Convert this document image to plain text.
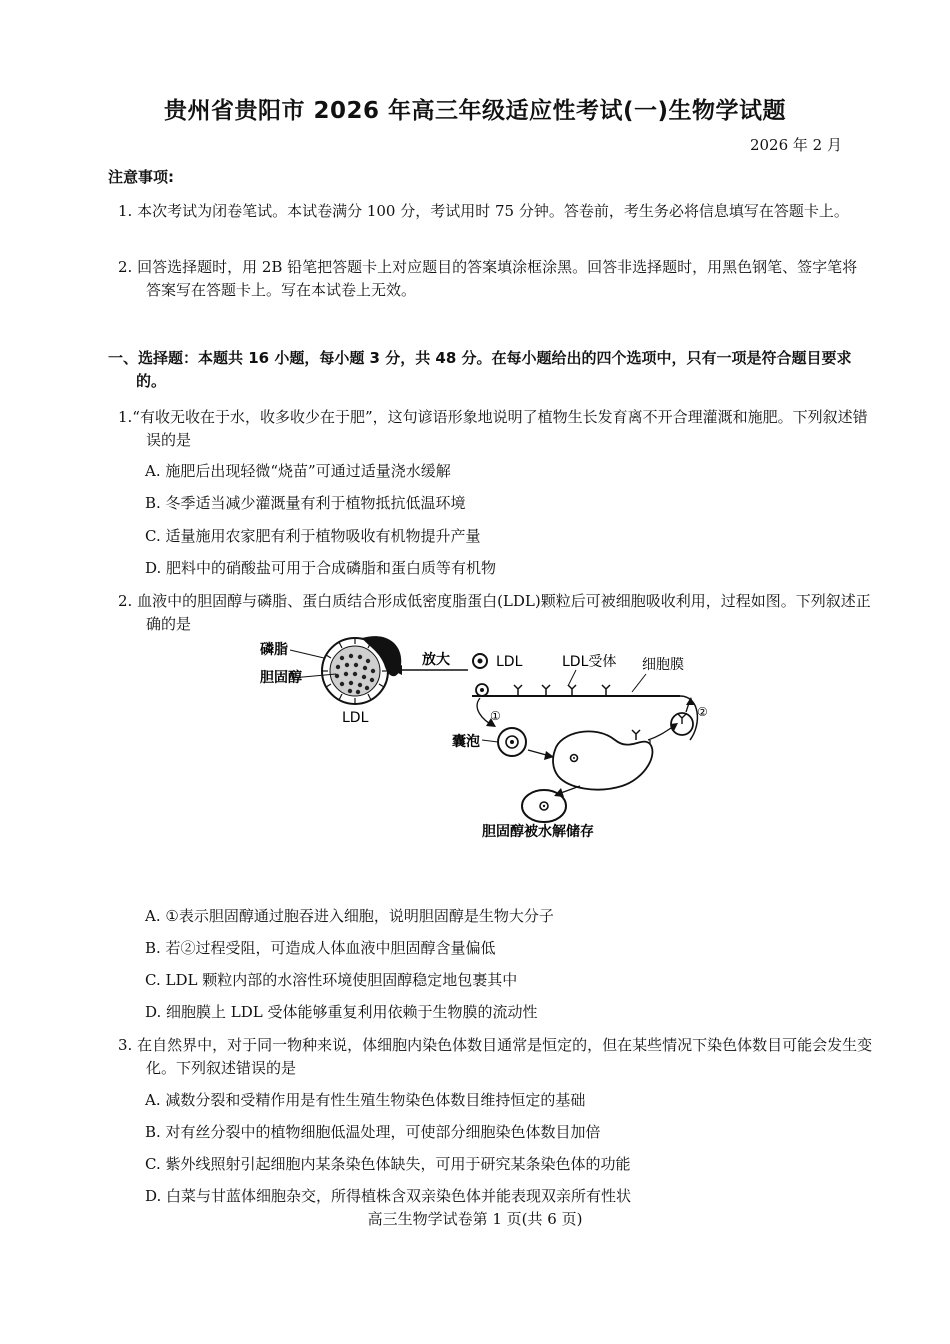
贵州省贵阳市 2026 年高三年级适应性考试(一)生物学试题
2026 年 2 月
注意事项:
1. 本次考试为闭卷笔试。本试卷满分 100 分，考试用时 75 分钟。答卷前，考生务必将信息填写在答题卡上。
2. 回答选择题时，用 2B 铅笔把答题卡上对应题目的答案填涂框涂黑。回答非选择题时，用黑色钢笔、签字笔将答案写在答题卡上。写在本试卷上无效。
一、选择题：本题共 16 小题，每小题 3 分，共 48 分。在每小题给出的四个选项中，只有一项是符合题目要求的。
1.“有收无收在于水，收多收少在于肥”，这句谚语形象地说明了植物生长发育离不开合理灌溉和施肥。下列叙述错误的是
A. 施肥后出现轻微“烧苗”可通过适量浇水缓解
B. 冬季适当减少灌溉量有利于植物抵抗低温环境
C. 适量施用农家肥有利于植物吸收有机物提升产量
D. 肥料中的硝酸盐可用于合成磷脂和蛋白质等有机物
2. 血液中的胆固醇与磷脂、蛋白质结合形成低密度脂蛋白(LDL)颗粒后可被细胞吸收利用，过程如图。下列叙述正确的是
磷脂
胆固醇
LDL
放大	LDL	LDL受体 细胞膜
①
囊泡
②
胆固醇被水解储存
A. ①表示胆固醇通过胞吞进入细胞，说明胆固醇是生物大分子
B. 若②过程受阻，可造成人体血液中胆固醇含量偏低
C. LDL 颗粒内部的水溶性环境使胆固醇稳定地包裹其中
D. 细胞膜上 LDL 受体能够重复利用依赖于生物膜的流动性
3. 在自然界中，对于同一物种来说，体细胞内染色体数目通常是恒定的，但在某些情况下染色体数目可能会发生变化。下列叙述错误的是
A. 减数分裂和受精作用是有性生殖生物染色体数目维持恒定的基础
B. 对有丝分裂中的植物细胞低温处理，可使部分细胞染色体数目加倍
C. 紫外线照射引起细胞内某条染色体缺失，可用于研究某条染色体的功能
D. 白菜与甘蓝体细胞杂交，所得植株含双亲染色体并能表现双亲所有性状
高三生物学试卷第 1 页(共 6 页)
